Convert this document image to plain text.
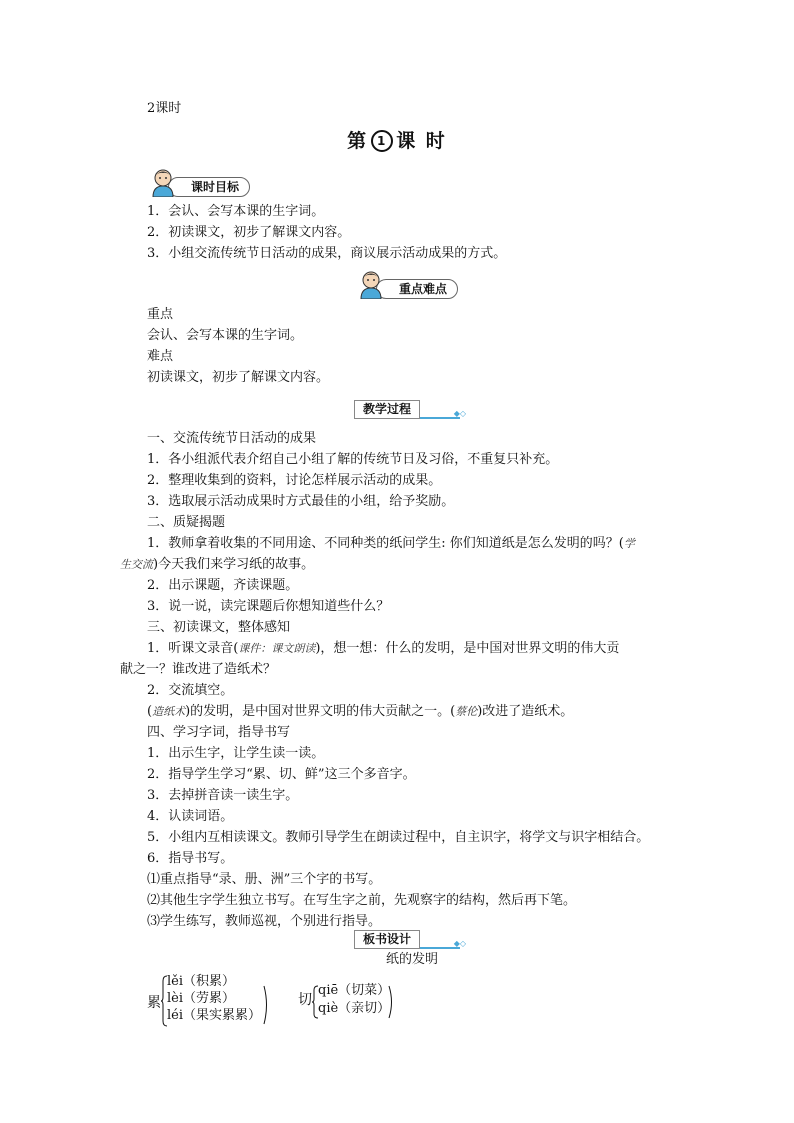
2课时
第 1 课 时
课时目标
1．会认、会写本课的生字词。
2．初读课文，初步了解课文内容。
3．小组交流传统节日活动的成果，商议展示活动成果的方式。
重点难点
重点
会认、会写本课的生字词。
难点
初读课文，初步了解课文内容。
教学过程	◆◇
一、交流传统节日活动的成果
1．各小组派代表介绍自己小组了解的传统节日及习俗，不重复只补充。
2．整理收集到的资料，讨论怎样展示活动的成果。
3．选取展示活动成果时方式最佳的小组，给予奖励。
二、质疑揭题
1．教师拿着收集的不同用途、不同种类的纸问学生: 你们知道纸是怎么发明的吗？(学
生交流)今天我们来学习纸的故事。
2．出示课题，齐读课题。
3．说一说，读完课题后你想知道些什么？
三、初读课文，整体感知
1．听课文录音(课件：课文朗读)，想一想：什么的发明，是中国对世界文明的伟大贡
献之一？谁改进了造纸术？
2．交流填空。
(造纸术)的发明，是中国对世界文明的伟大贡献之一。(蔡伦)改进了造纸术。
四、学习字词，指导书写
1．出示生字，让学生读一读。
2．指导学生学习“累、切、鲜”这三个多音字。
3．去掉拼音读一读生字。
4．认读词语。
5．小组内互相读课文。教师引导学生在朗读过程中，自主识字，将学文与识字相结合。
6．指导书写。
⑴重点指导“录、册、洲”三个字的书写。
⑵其他生字学生独立书写。在写生字之前，先观察字的结构，然后再下笔。
⑶学生练写，教师巡视，个别进行指导。
板书设计	◆◇
纸的发明
累
lěi（积累）
lèi（劳累）
léi（果实累累）
切
qiē（切菜）
qiè（亲切）
